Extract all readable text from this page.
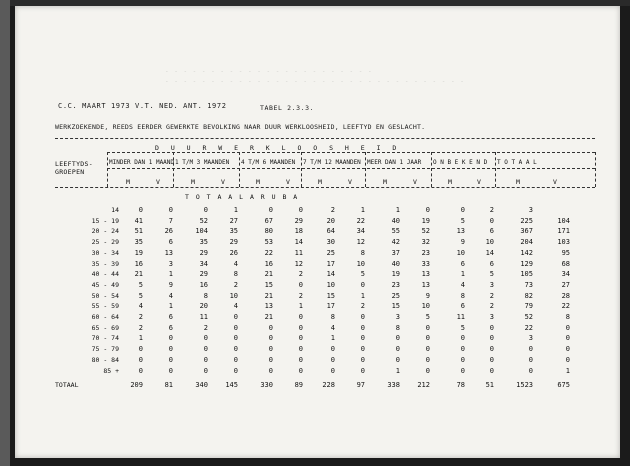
- - - - - - - - - - - - - - - - - - - - - - -
- - - - - - - - - - - - - - - - - - - - - - - - - - - - - - - - -
C.C. MAART 1973 V.T. NED. ANT. 1972	TABEL 2.3.3.
WERKZOEKENDE, REEDS EERDER GEWERKTE BEVOLKING NAAR DUUR WERKLOOSHEID, LEEFTYD EN GESLACHT.
D U U R W E R K L O O S H E I D
LEEFTYDS-
GROEPEN
MINDER DAN 1 MAAND 1 T/M 3 MAANDEN 4 T/M 6 MAANDEN 7 T/M 12 MAANDEN MEER DAN 1 JAAR O N B E K E N D T O T A A L
M	V	M	V	M	V	M	V	M	V	M	V	M	V
T O T A A L A R U B A
14	0	0	0	1	0	0	2	1	1	0	0	2	3
15 - 19	41	7	52	27	67	29	20	22	40	19	5	0	225	104
20 - 24	51	26	104	35	80	18	64	34	55	52	13	6	367	171
25 - 29	35	6	35	29	53	14	30	12	42	32	9	10	204	103
30 - 34	19	13	29	26	22	11	25	8	37	23	10	14	142	95
35 - 39	16	3	34	4	16	12	17	10	40	33	6	6	129	68
40 - 44	21	1	29	8	21	2	14	5	19	13	1	5	105	34
45 - 49	5	9	16	2	15	0	10	0	23	13	4	3	73	27
50 - 54	5	4	8	10	21	2	15	1	25	9	8	2	82	28
55 - 59	4	1	20	4	13	1	17	2	15	10	6	2	79	22
60 - 64	2	6	11	0	21	0	8	0	3	5	11	3	52	8
65 - 69	2	6	2	0	0	0	4	0	8	0	5	0	22	0
70 - 74	1	0	0	0	0	0	1	0	0	0	0	0	3	0
75 - 79	0	0	0	0	0	0	0	0	0	0	0	0	0	0
80 - 84	0	0	0	0	0	0	0	0	0	0	0	0	0	0
85 +	0	0	0	0	0	0	0	0	1	0	0	0	0	1
TOTAAL	209	81	340	145	330	89	228	97	338	212	78	51	1523	675
